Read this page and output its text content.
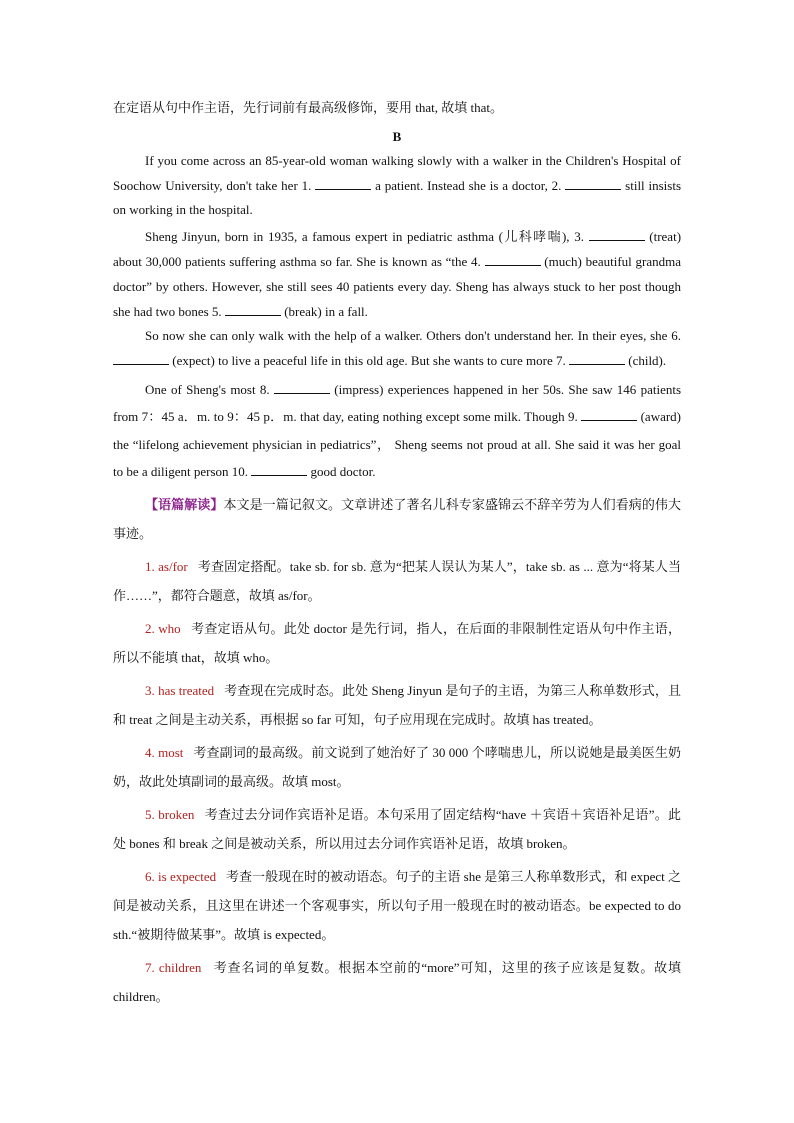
在定语从句中作主语，先行词前有最高级修饰，要用 that, 故填 that。

B

If you come across an 85-year-old woman walking slowly with a walker in the Children's Hospital of Soochow University, don't take her 1.	a patient. Instead she is a doctor, 2.	still insists on working in the hospital.

Sheng Jinyun, born in 1935, a famous expert in pediatric asthma (儿科哮喘), 3.	(treat) about 30,000 patients suffering asthma so far. She is known as “the 4.	(much) beautiful grandma doctor” by others. However, she still sees 40 patients every day. Sheng has always stuck to her post though she had two bones 5.	(break) in a fall.

So now she can only walk with the help of a walker. Others don't understand her. In their eyes, she 6.  (expect) to live a peaceful life in this old age. But she wants to cure more 7.	(child).

One of Sheng's most 8.	(impress) experiences happened in her 50s. She saw 146 patients from 7：45 a．m. to 9：45 p．m. that day, eating nothing except some milk. Though 9.	(award) the “lifelong achievement physician in pediatrics”， Sheng seems not proud at all. She said it was her goal to be a diligent person 10.	good doctor.

【语篇解读】本文是一篇记叙文。文章讲述了著名儿科专家盛锦云不辞辛劳为人们看病的伟大事迹。

1. as/for 考查固定搭配。take sb. for sb. 意为“把某人误认为某人”，take sb. as ... 意为“将某人当作……”，都符合题意，故填 as/for。

2. who 考查定语从句。此处 doctor 是先行词，指人，在后面的非限制性定语从句中作主语，所以不能填 that，故填 who。

3. has treated 考查现在完成时态。此处 Sheng Jinyun 是句子的主语，为第三人称单数形式，且和 treat 之间是主动关系，再根据 so far 可知，句子应用现在完成时。故填 has treated。

4. most 考查副词的最高级。前文说到了她治好了 30 000 个哮喘患儿，所以说她是最美医生奶奶，故此处填副词的最高级。故填 most。

5. broken 考查过去分词作宾语补足语。本句采用了固定结构“have ＋宾语＋宾语补足语”。此处 bones 和 break 之间是被动关系，所以用过去分词作宾语补足语，故填 broken。

6. is expected 考查一般现在时的被动语态。句子的主语 she 是第三人称单数形式，和 expect 之间是被动关系，且这里在讲述一个客观事实，所以句子用一般现在时的被动语态。be expected to do sth.“被期待做某事”。故填 is expected。

7. children 考查名词的单复数。根据本空前的“more”可知，这里的孩子应该是复数。故填 children。
